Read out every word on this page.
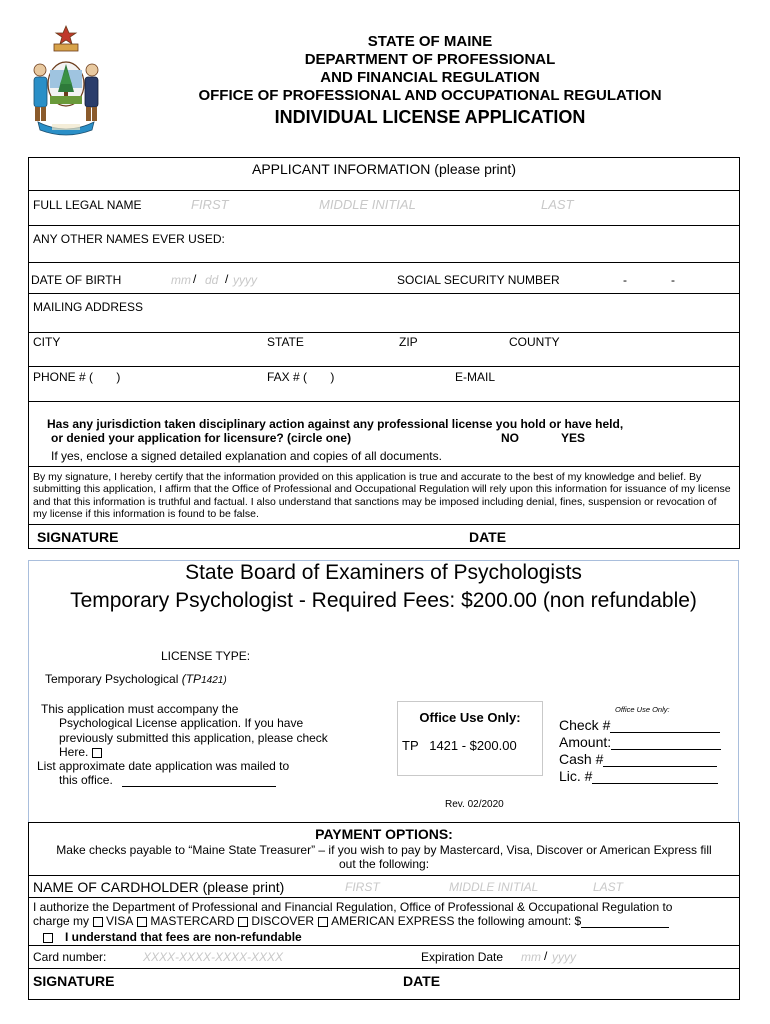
STATE OF MAINE
DEPARTMENT OF PROFESSIONAL
AND FINANCIAL REGULATION
OFFICE OF PROFESSIONAL AND OCCUPATIONAL REGULATION
INDIVIDUAL LICENSE APPLICATION
APPLICANT INFORMATION (please print)
FULL LEGAL NAME	FIRST	MIDDLE INITIAL	LAST
ANY OTHER NAMES EVER USED:
DATE OF BIRTH	mm / dd / yyyy	SOCIAL SECURITY NUMBER	-	-
MAILING ADDRESS
CITY	STATE	ZIP	COUNTY
PHONE # (       )	FAX # (       )	E-MAIL
Has any jurisdiction taken disciplinary action against any professional license you hold or have held,
or denied your application for licensure? (circle one)	NO	YES
If yes, enclose a signed detailed explanation and copies of all documents.
By my signature, I hereby certify that the information provided on this application is true and accurate to the best of my knowledge and belief. By submitting this application, I affirm that the Office of Professional and Occupational Regulation will rely upon this information for issuance of my license and that this information is truthful and factual. I also understand that sanctions may be imposed including denial, fines, suspension or revocation of my license if this information is found to be false.
SIGNATURE	DATE
State Board of Examiners of Psychologists
Temporary Psychologist - Required Fees: $200.00 (non refundable)
LICENSE TYPE:
Temporary Psychological (TP1421)
This application must accompany the
Psychological License application. If you have
previously submitted this application, please check
Here.
List approximate date application was mailed to
this office.
Office Use Only:
TP   1421 - $200.00
Office Use Only:
Check #
Amount:
Cash #
Lic. #
Rev. 02/2020
PAYMENT OPTIONS:
Make checks payable to “Maine State Treasurer” – if you wish to pay by Mastercard, Visa, Discover or American Express fill
out the following:
NAME OF CARDHOLDER (please print)	FIRST	MIDDLE INITIAL	LAST
I authorize the Department of Professional and Financial Regulation, Office of Professional & Occupational Regulation to
charge my VISA MASTERCARD DISCOVER AMERICAN EXPRESS the following amount: $
I understand that fees are non-refundable
Card number:	XXXX-XXXX-XXXX-XXXX	Expiration Date mm / yyyy
SIGNATURE	DATE
